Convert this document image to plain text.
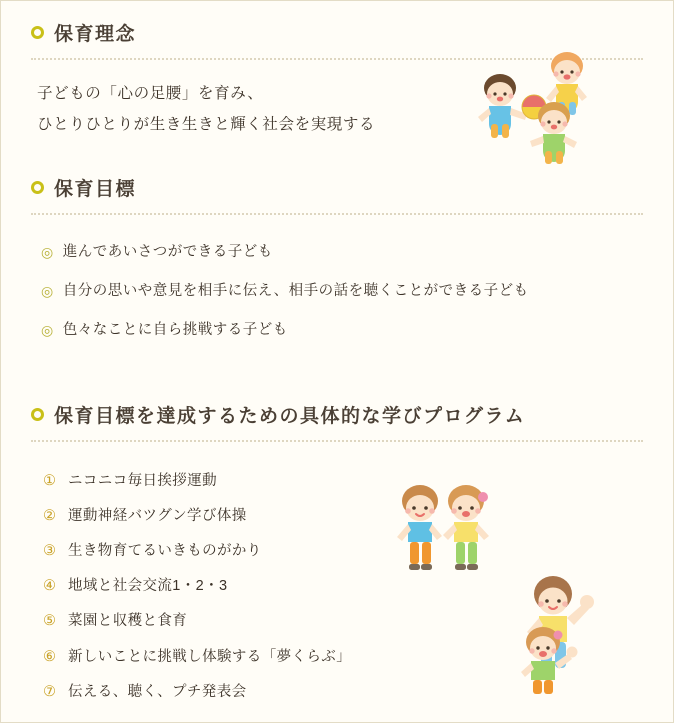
保育理念
子どもの「心の足腰」を育み、
ひとりひとりが生き生きと輝く社会を実現する
保育目標
◎ 進んであいさつができる子ども
◎ 自分の思いや意見を相手に伝え、相手の話を聴くことができる子ども
◎ 色々なことに自ら挑戦する子ども
保育目標を達成するための具体的な学びプログラム
① ニコニコ毎日挨拶運動
② 運動神経バツグン学び体操
③ 生き物育てるいきものがかり
④ 地域と社会交流1・2・3
⑤ 菜園と収穫と食育
⑥ 新しいことに挑戦し体験する「夢くらぶ」
⑦ 伝える、聴く、プチ発表会
